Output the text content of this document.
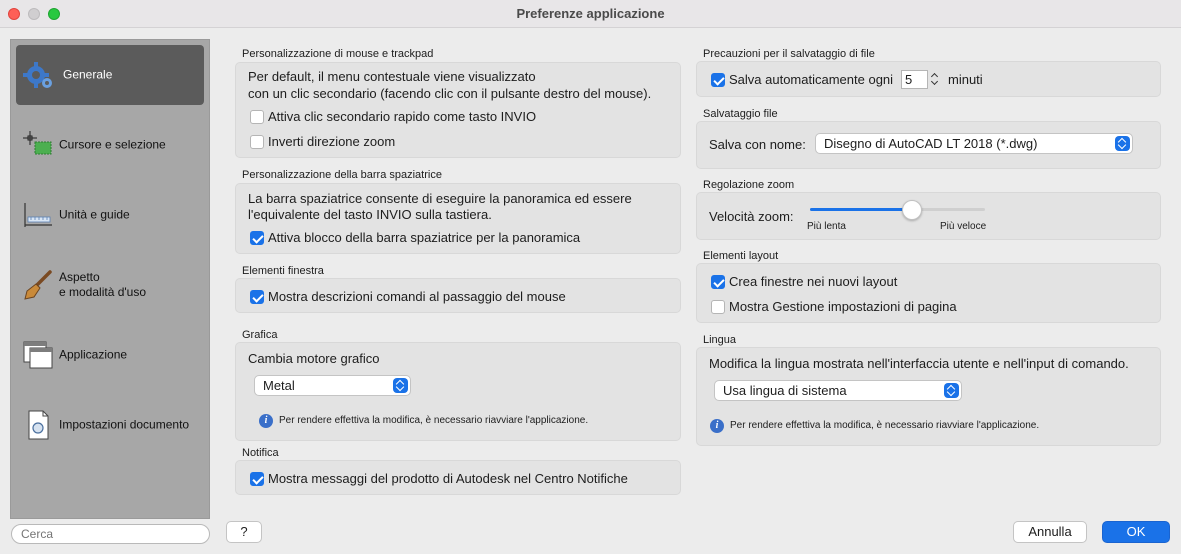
Preferenze applicazione
Generale
Cursore e selezione
Unità e guide
Aspetto
e modalità d'uso
Applicazione
Impostazioni documento
Cerca
?
Personalizzazione di mouse e trackpad
Per default, il menu contestuale viene visualizzato
con un clic secondario (facendo clic con il pulsante destro del mouse).
Attiva clic secondario rapido come tasto INVIO
Inverti direzione zoom
Personalizzazione della barra spaziatrice
La barra spaziatrice consente di eseguire la panoramica ed essere
l'equivalente del tasto INVIO sulla tastiera.
Attiva blocco della barra spaziatrice per la panoramica
Elementi finestra
Mostra descrizioni comandi al passaggio del mouse
Grafica
Cambia motore grafico
Metal
i	Per rendere effettiva la modifica, è necessario riavviare l'applicazione.
Notifica
Mostra messaggi del prodotto di Autodesk nel Centro Notifiche
Precauzioni per il salvataggio di file
Salva automaticamente ogni 5	minuti
Salvataggio file
Salva con nome:	Disegno di AutoCAD LT 2018 (*.dwg)
Regolazione zoom
Velocità zoom:
Più lenta	Più veloce
Elementi layout
Crea finestre nei nuovi layout
Mostra Gestione impostazioni di pagina
Lingua
Modifica la lingua mostrata nell'interfaccia utente e nell'input di comando.
Usa lingua di sistema
i	Per rendere effettiva la modifica, è necessario riavviare l'applicazione.
Annulla	OK
